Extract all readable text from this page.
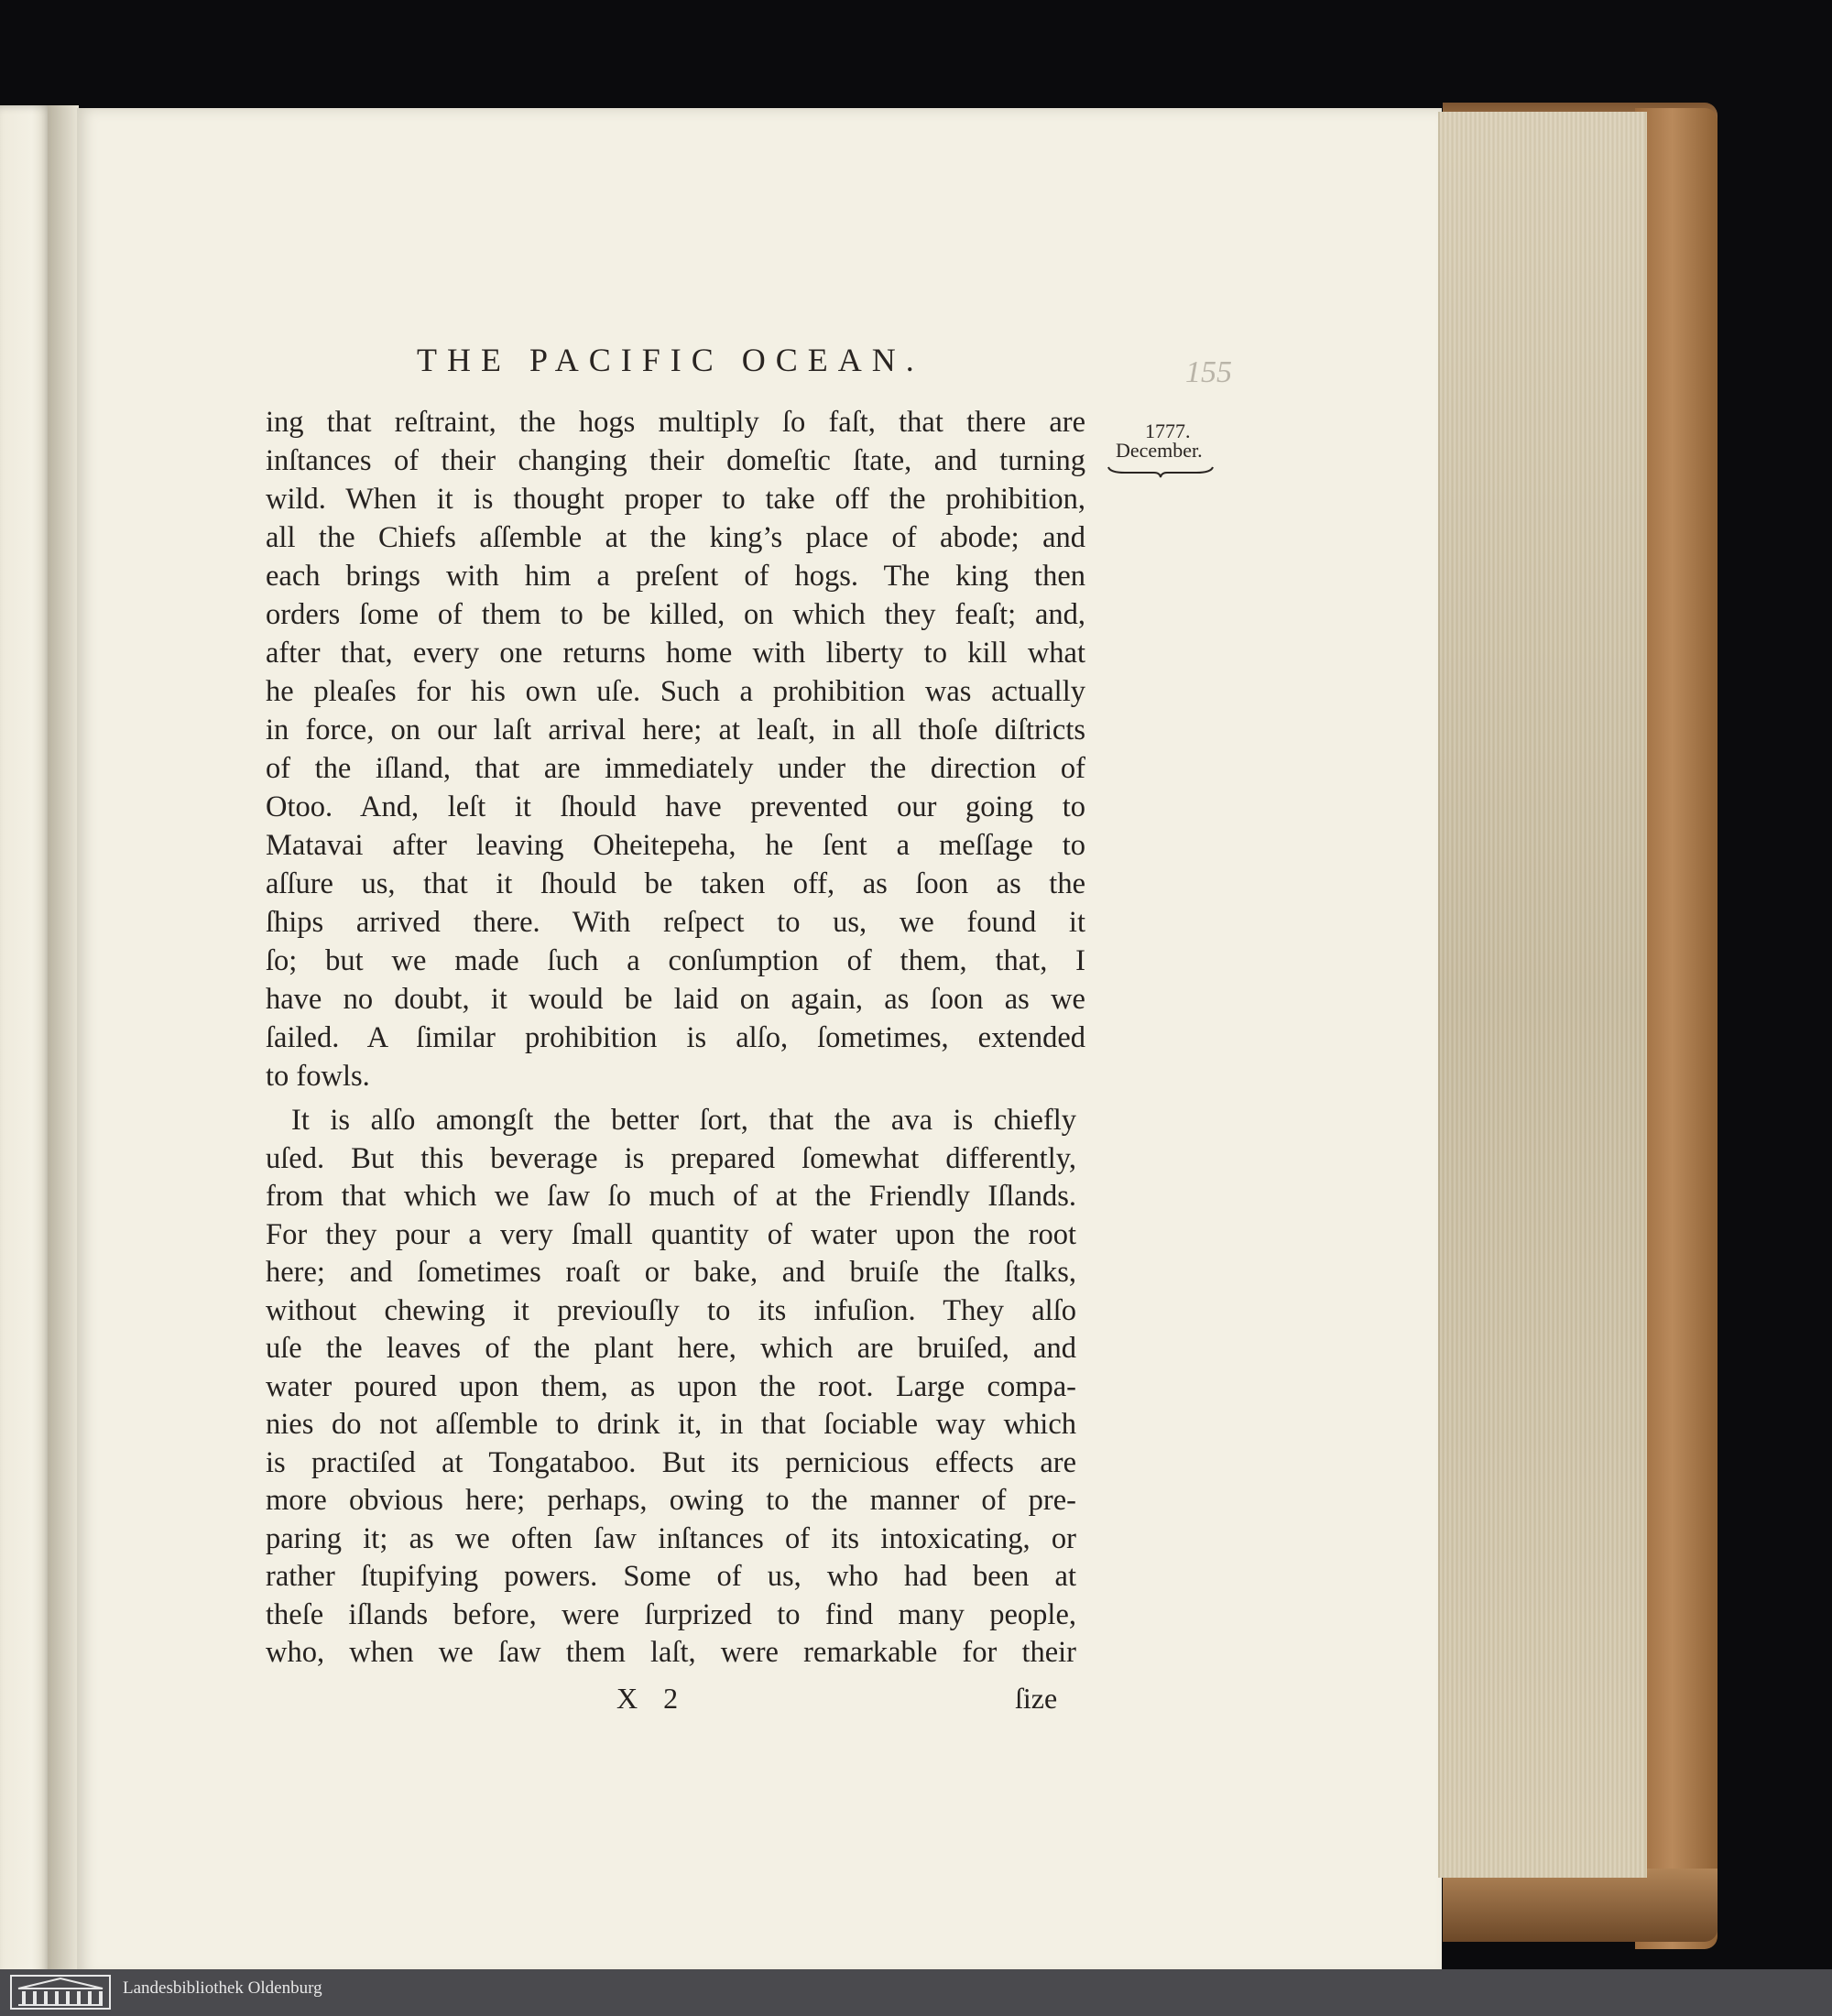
THE PACIFIC OCEAN.	155
1777.
December.
ing that reſtraint, the hogs multiply ſo faſt, that there are
inſtances of their changing their domeſtic ſtate, and turning
wild. When it is thought proper to take off the prohibition,
all the Chiefs aſſemble at the king’s place of abode; and
each brings with him a preſent of hogs. The king then
orders ſome of them to be killed, on which they feaſt; and,
after that, every one returns home with liberty to kill what
he pleaſes for his own uſe. Such a prohibition was actually
in force, on our laſt arrival here; at leaſt, in all thoſe diſtricts
of the iſland, that are immediately under the direction of
Otoo. And, leſt it ſhould have prevented our going to
Matavai after leaving Oheitepeha, he ſent a meſſage to
aſſure us, that it ſhould be taken off, as ſoon as the
ſhips arrived there. With reſpect to us, we found it
ſo; but we made ſuch a conſumption of them, that, I
have no doubt, it would be laid on again, as ſoon as we
ſailed. A ſimilar prohibition is alſo, ſometimes, extended
to fowls.
It is alſo amongſt the better ſort, that the ava is chiefly
uſed. But this beverage is prepared ſomewhat differently,
from that which we ſaw ſo much of at the Friendly Iſlands.
For they pour a very ſmall quantity of water upon the root
here; and ſometimes roaſt or bake, and bruiſe the ſtalks,
without chewing it previouſly to its infuſion. They alſo
uſe the leaves of the plant here, which are bruiſed, and
water poured upon them, as upon the root. Large compa-
nies do not aſſemble to drink it, in that ſociable way which
is practiſed at Tongataboo. But its pernicious effects are
more obvious here; perhaps, owing to the manner of pre-
paring it; as we often ſaw inſtances of its intoxicating, or
rather ſtupifying powers. Some of us, who had been at
theſe iſlands before, were ſurprized to find many people,
who, when we ſaw them laſt, were remarkable for their
X 2	ſize
Landesbibliothek Oldenburg
